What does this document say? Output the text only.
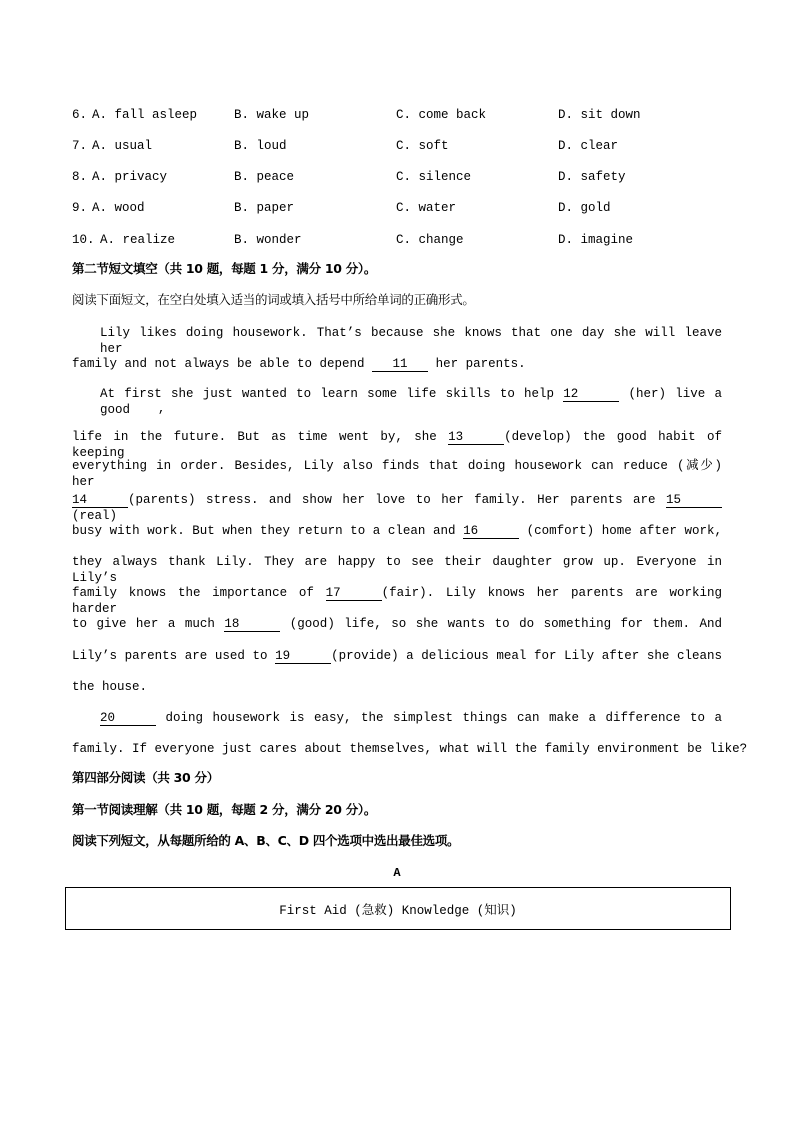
6. A. fall asleep	B. wake up	C. come back	D. sit down
7. A. usual	B. loud	C. soft	D. clear
8. A. privacy	B. peace	C. silence	D. safety
9. A. wood	B. paper	C. water	D. gold
10. A. realize	B. wonder	C. change	D. imagine
第二节短文填空（共 10 题，每题 1 分，满分 10 分）。
阅读下面短文，在空白处填入适当的词或填入括号中所给单词的正确形式。
Lily likes doing housework. That’s because she knows that one day she will leave her
family and not always be able to depend 11 her parents.
At first she just wanted to learn some life skills to help 12	(her) live a good
life in the future. But as time went by, she 13	(develop) the good habit of keeping
everything in order. Besides, Lily also finds that doing housework can reduce (减少) her
14	(parents) stress. and show her love to her family. Her parents are 15(real)
busy with work. But when they return to a clean and 16	(comfort) home after work,
they always thank Lily. They are happy to see their daughter grow up. Everyone in Lily’s
family knows the importance of 17	(fair). Lily knows her parents are working harder
to give her a much 18	(good) life, so she wants to do something for them. And
Lily’s parents are used to 19	(provide) a delicious meal for Lily after she cleans
the house.
20	doing housework is easy, the simplest things can make a difference to a
family. If everyone just cares about themselves, what will the family environment be like?
,
第四部分阅读（共 30 分）
第一节阅读理解（共 10 题，每题 2 分，满分 20 分）。
阅读下列短文，从每题所给的 A、B、C、D 四个选项中选出最佳选项。
A
First Aid (急救) Knowledge (知识)
